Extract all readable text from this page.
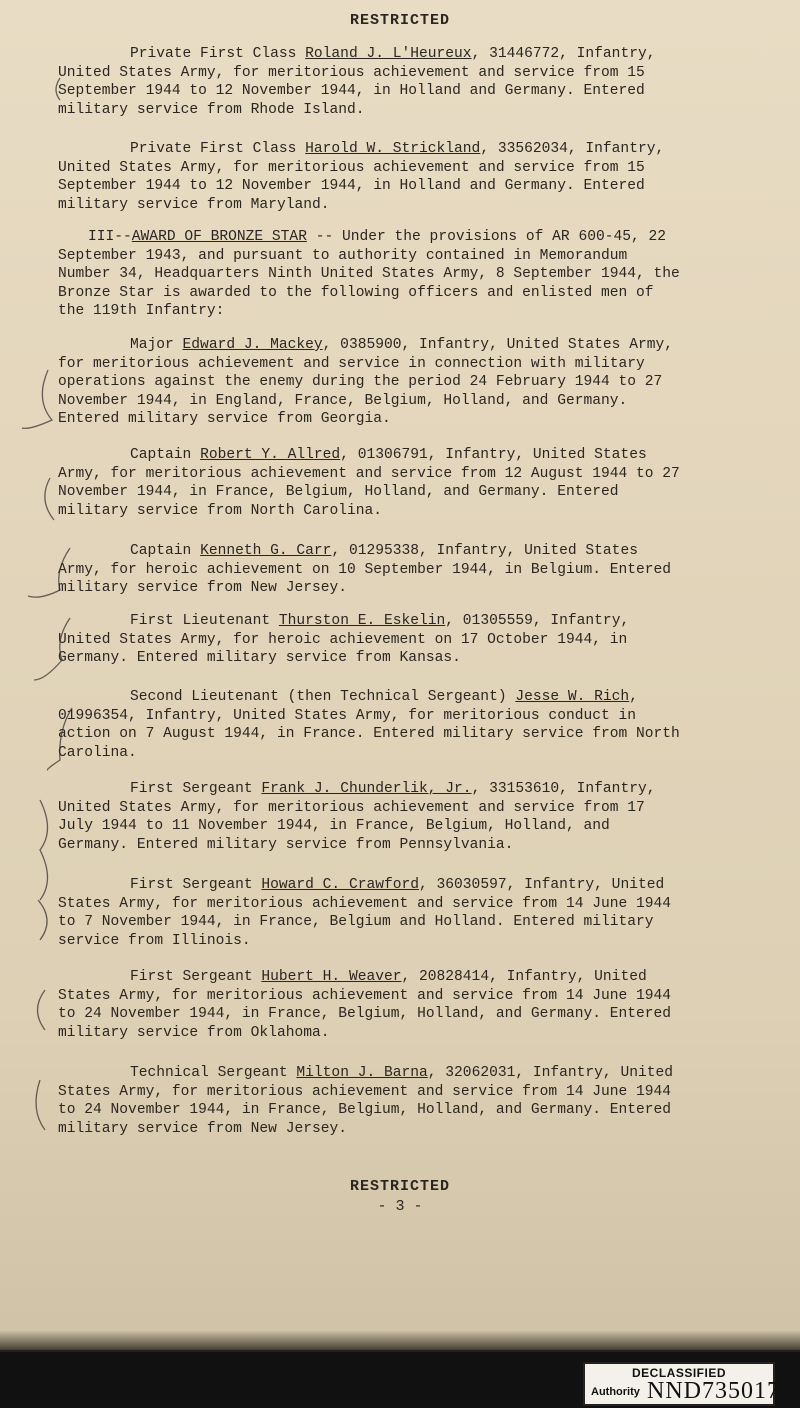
RESTRICTED

Private First Class Roland J. L'Heureux, 31446772, Infantry, United States Army, for meritorious achievement and service from 15 September 1944 to 12 November 1944, in Holland and Germany. Entered military service from Rhode Island.

Private First Class Harold W. Strickland, 33562034, Infantry, United States Army, for meritorious achievement and service from 15 September 1944 to 12 November 1944, in Holland and Germany. Entered military service from Maryland.

III--AWARD OF BRONZE STAR -- Under the provisions of AR 600-45, 22 September 1943, and pursuant to authority contained in Memorandum Number 34, Headquarters Ninth United States Army, 8 September 1944, the Bronze Star is awarded to the following officers and enlisted men of the 119th Infantry:

Major Edward J. Mackey, 0385900, Infantry, United States Army, for meritorious achievement and service in connection with military operations against the enemy during the period 24 February 1944 to 27 November 1944, in England, France, Belgium, Holland, and Germany. Entered military service from Georgia.

Captain Robert Y. Allred, 01306791, Infantry, United States Army, for meritorious achievement and service from 12 August 1944 to 27 November 1944, in France, Belgium, Holland, and Germany. Entered military service from North Carolina.

Captain Kenneth G. Carr, 01295338, Infantry, United States Army, for heroic achievement on 10 September 1944, in Belgium. Entered military service from New Jersey.

First Lieutenant Thurston E. Eskelin, 01305559, Infantry, United States Army, for heroic achievement on 17 October 1944, in Germany. Entered military service from Kansas.

Second Lieutenant (then Technical Sergeant) Jesse W. Rich, 01996354, Infantry, United States Army, for meritorious conduct in action on 7 August 1944, in France. Entered military service from North Carolina.

First Sergeant Frank J. Chunderlik, Jr., 33153610, Infantry, United States Army, for meritorious achievement and service from 17 July 1944 to 11 November 1944, in France, Belgium, Holland, and Germany. Entered military service from Pennsylvania.

First Sergeant Howard C. Crawford, 36030597, Infantry, United States Army, for meritorious achievement and service from 14 June 1944 to 7 November 1944, in France, Belgium and Holland. Entered military service from Illinois.

First Sergeant Hubert H. Weaver, 20828414, Infantry, United States Army, for meritorious achievement and service from 14 June 1944 to 24 November 1944, in France, Belgium, Holland, and Germany. Entered military service from Oklahoma.

Technical Sergeant Milton J. Barna, 32062031, Infantry, United States Army, for meritorious achievement and service from 14 June 1944 to 24 November 1944, in France, Belgium, Holland, and Germany. Entered military service from New Jersey.

RESTRICTED
- 3 -
DECLASSIFIED
Authority NND735017
